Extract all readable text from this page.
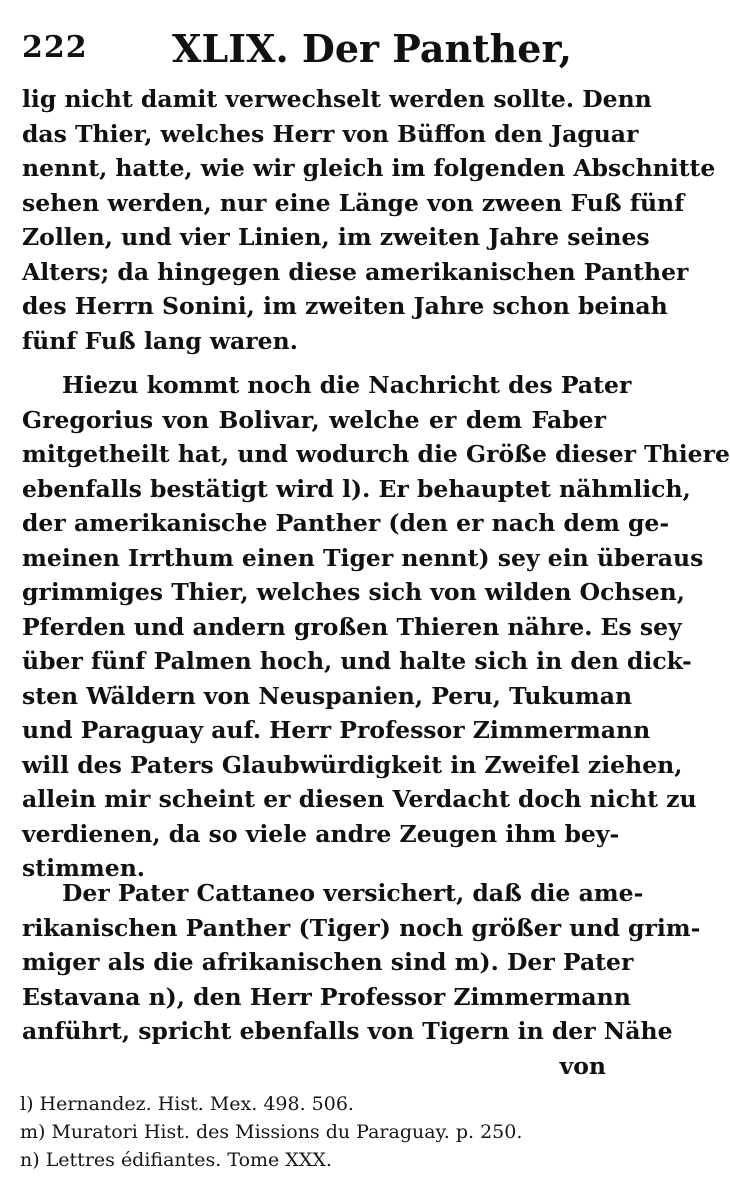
222 XLIX. Der Panther,
lig nicht damit verwechselt werden sollte. Denn
das Thier, welches Herr von Büffon den Jaguar
nennt, hatte, wie wir gleich im folgenden Abschnitte
sehen werden, nur eine Länge von zween Fuß fünf
Zollen, und vier Linien, im zweiten Jahre seines
Alters; da hingegen diese amerikanischen Panther
des Herrn Sonini, im zweiten Jahre schon beinah
fünf Fuß lang waren.
Hiezu kommt noch die Nachricht des Pater
Gregorius von Bolivar, welche er dem Faber
mitgetheilt hat, und wodurch die Größe dieser Thiere
ebenfalls bestätigt wird l). Er behauptet nähmlich,
der amerikanische Panther (den er nach dem ge-
meinen Irrthum einen Tiger nennt) sey ein überaus
grimmiges Thier, welches sich von wilden Ochsen,
Pferden und andern großen Thieren nähre. Es sey
über fünf Palmen hoch, und halte sich in den dick-
sten Wäldern von Neuspanien, Peru, Tukuman
und Paraguay auf. Herr Professor Zimmermann
will des Paters Glaubwürdigkeit in Zweifel ziehen,
allein mir scheint er diesen Verdacht doch nicht zu
verdienen, da so viele andre Zeugen ihm bey-
stimmen.
Der Pater Cattaneo versichert, daß die ame-
rikanischen Panther (Tiger) noch größer und grim-
miger als die afrikanischen sind m). Der Pater
Estavana n), den Herr Professor Zimmermann
anführt, spricht ebenfalls von Tigern in der Nähe
von
l) Hernandez. Hist. Mex. 498. 506.
m) Muratori Hist. des Missions du Paraguay. p. 250.
n) Lettres édifiantes. Tome XXX.
